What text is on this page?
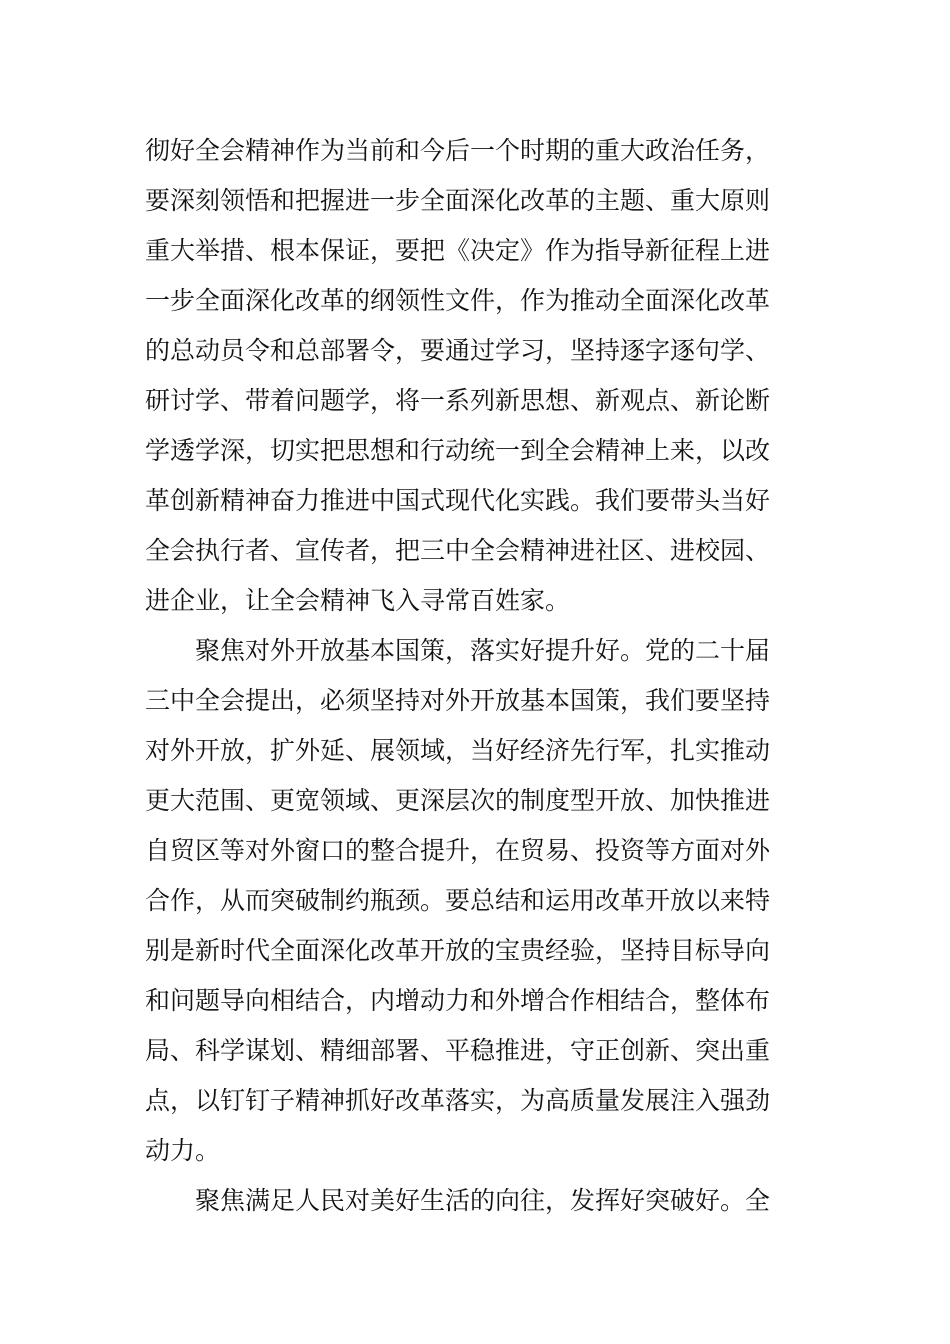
彻好全会精神作为当前和今后一个时期的重大政治任务，
要深刻领悟和把握进一步全面深化改革的主题、重大原则
重大举措、根本保证，要把《决定》作为指导新征程上进
一步全面深化改革的纲领性文件，作为推动全面深化改革
的总动员令和总部署令，要通过学习，坚持逐字逐句学、
研讨学、带着问题学，将一系列新思想、新观点、新论断
学透学深，切实把思想和行动统一到全会精神上来，以改
革创新精神奋力推进中国式现代化实践。我们要带头当好
全会执行者、宣传者，把三中全会精神进社区、进校园、
进企业，让全会精神飞入寻常百姓家。
聚焦对外开放基本国策，落实好提升好。党的二十届
三中全会提出，必须坚持对外开放基本国策，我们要坚持
对外开放，扩外延、展领域，当好经济先行军，扎实推动
更大范围、更宽领域、更深层次的制度型开放、加快推进
自贸区等对外窗口的整合提升，在贸易、投资等方面对外
合作，从而突破制约瓶颈。要总结和运用改革开放以来特
别是新时代全面深化改革开放的宝贵经验，坚持目标导向
和问题导向相结合，内增动力和外增合作相结合，整体布
局、科学谋划、精细部署、平稳推进，守正创新、突出重
点，以钉钉子精神抓好改革落实，为高质量发展注入强劲
动力。
聚焦满足人民对美好生活的向往，发挥好突破好。全
